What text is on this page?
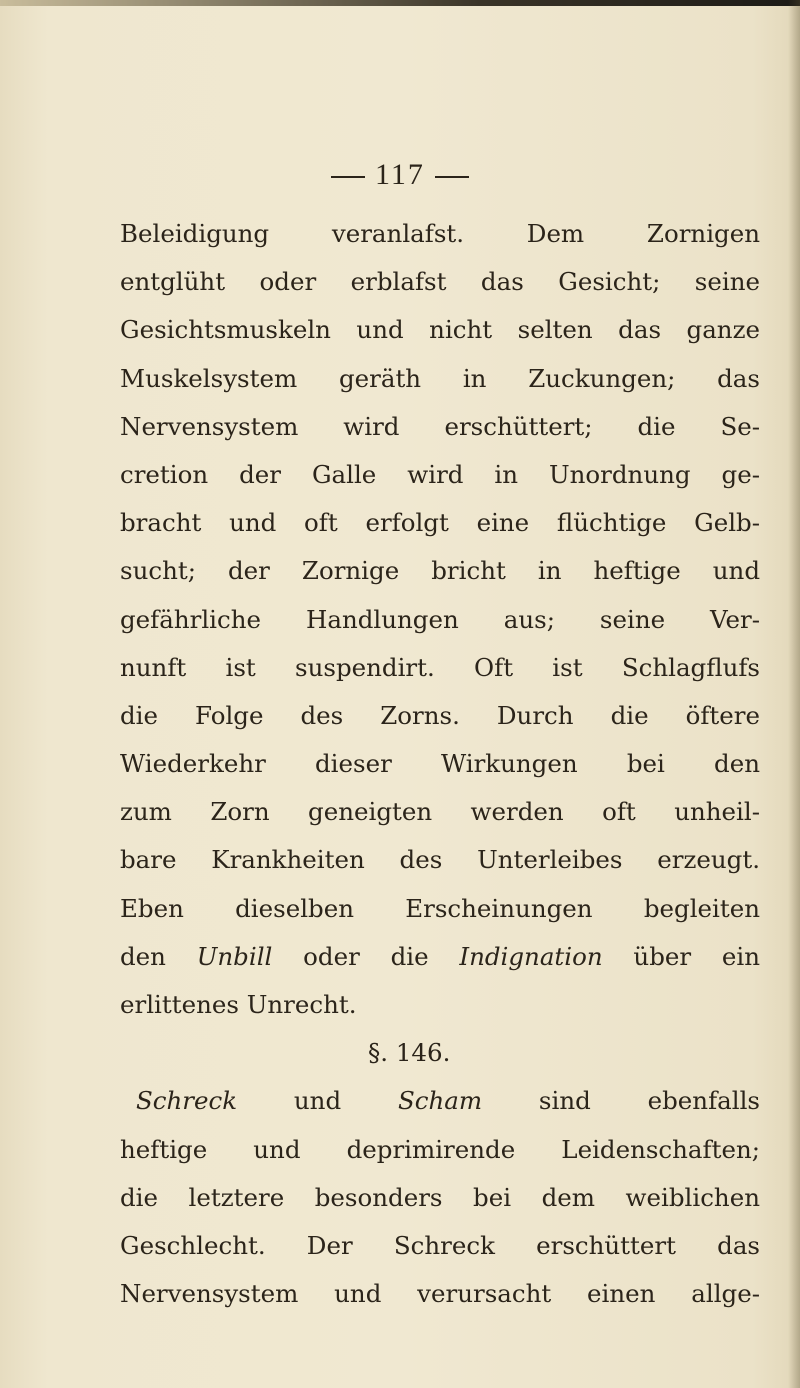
117
Beleidigung veranlafst. Dem Zornigen
entglüht oder erblafst das Gesicht; seine
Gesichtsmuskeln und nicht selten das ganze
Muskelsystem geräth in Zuckungen; das
Nervensystem wird erschüttert; die Se-
cretion der Galle wird in Unordnung ge-
bracht und oft erfolgt eine flüchtige Gelb-
sucht; der Zornige bricht in heftige und
gefährliche Handlungen aus; seine Ver-
nunft ist suspendirt. Oft ist Schlagflufs
die Folge des Zorns. Durch die öftere
Wiederkehr dieser Wirkungen bei den
zum Zorn geneigten werden oft unheil-
bare Krankheiten des Unterleibes erzeugt.
Eben dieselben Erscheinungen begleiten
den Unbill oder die Indignation über ein
erlittenes Unrecht.
§. 146.
Schreck und Scham sind ebenfalls
heftige und deprimirende Leidenschaften;
die letztere besonders bei dem weiblichen
Geschlecht. Der Schreck erschüttert das
Nervensystem und verursacht einen allge-
